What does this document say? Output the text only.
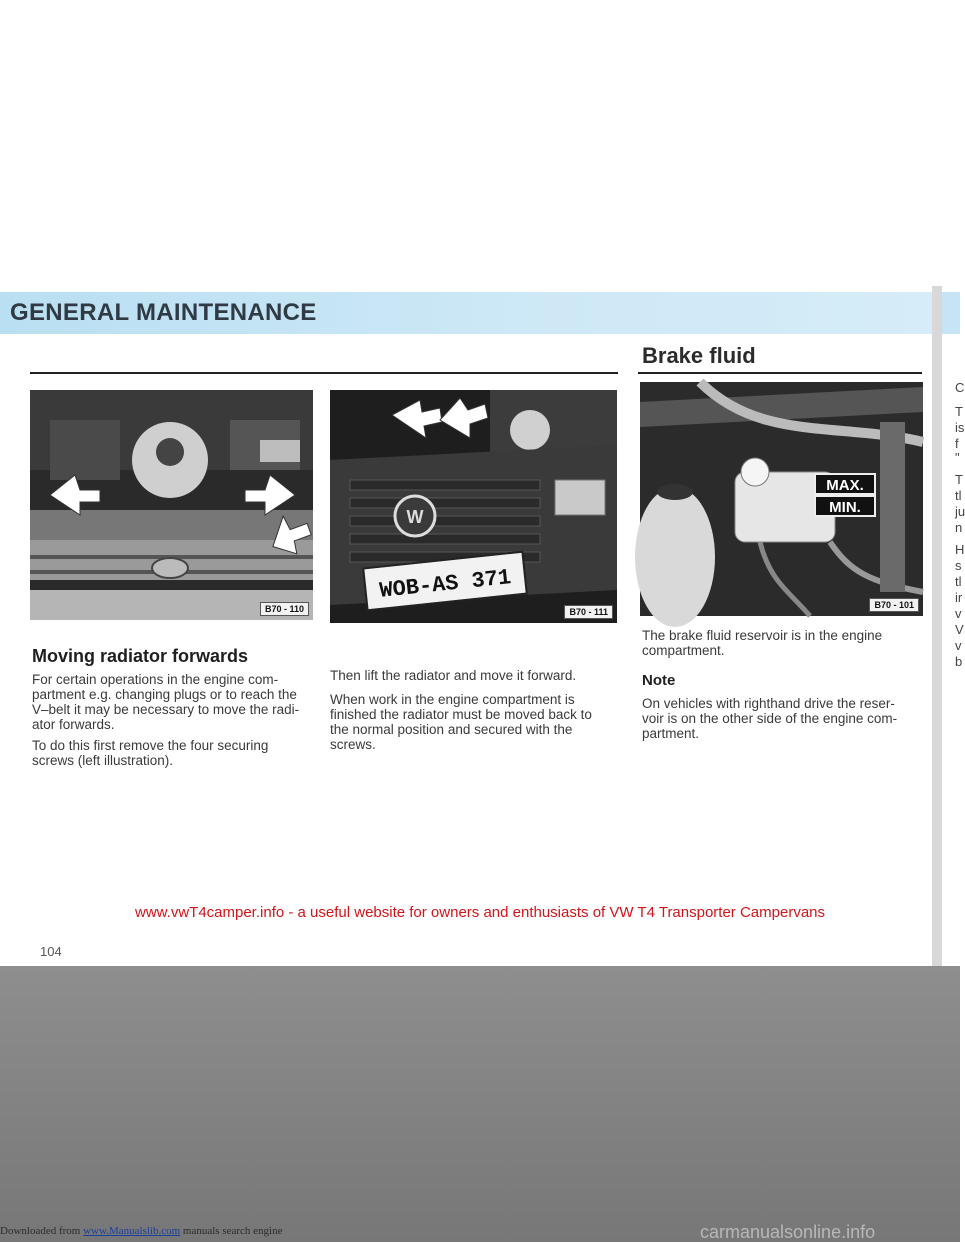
GENERAL MAINTENANCE
Brake fluid
B70 - 110
W
WOB-AS 371
B70 - 111
MAX.
MIN.
B70 - 101
Moving radiator forwards
For certain operations in the engine com-
partment e.g. changing plugs or to reach the
V–belt it may be necessary to move the radi-
ator forwards.
To do this first remove the four securing
screws (left illustration).
Then lift the radiator and move it forward.
When work in the engine compartment is
finished the radiator must be moved back to
the normal position and secured with the
screws.
The brake fluid reservoir is in the engine
compartment.
Note
On vehicles with righthand drive the reser-
voir is on the other side of the engine com-
partment.
C
T
is
f
"
T
tl
ju
n
H
s
tl
ir
v
V
v
b
www.vwT4camper.info - a useful website for owners and enthusiasts of VW T4 Transporter Campervans
104
Downloaded from www.Manualslib.com manuals search engine	carmanualsonline.info
